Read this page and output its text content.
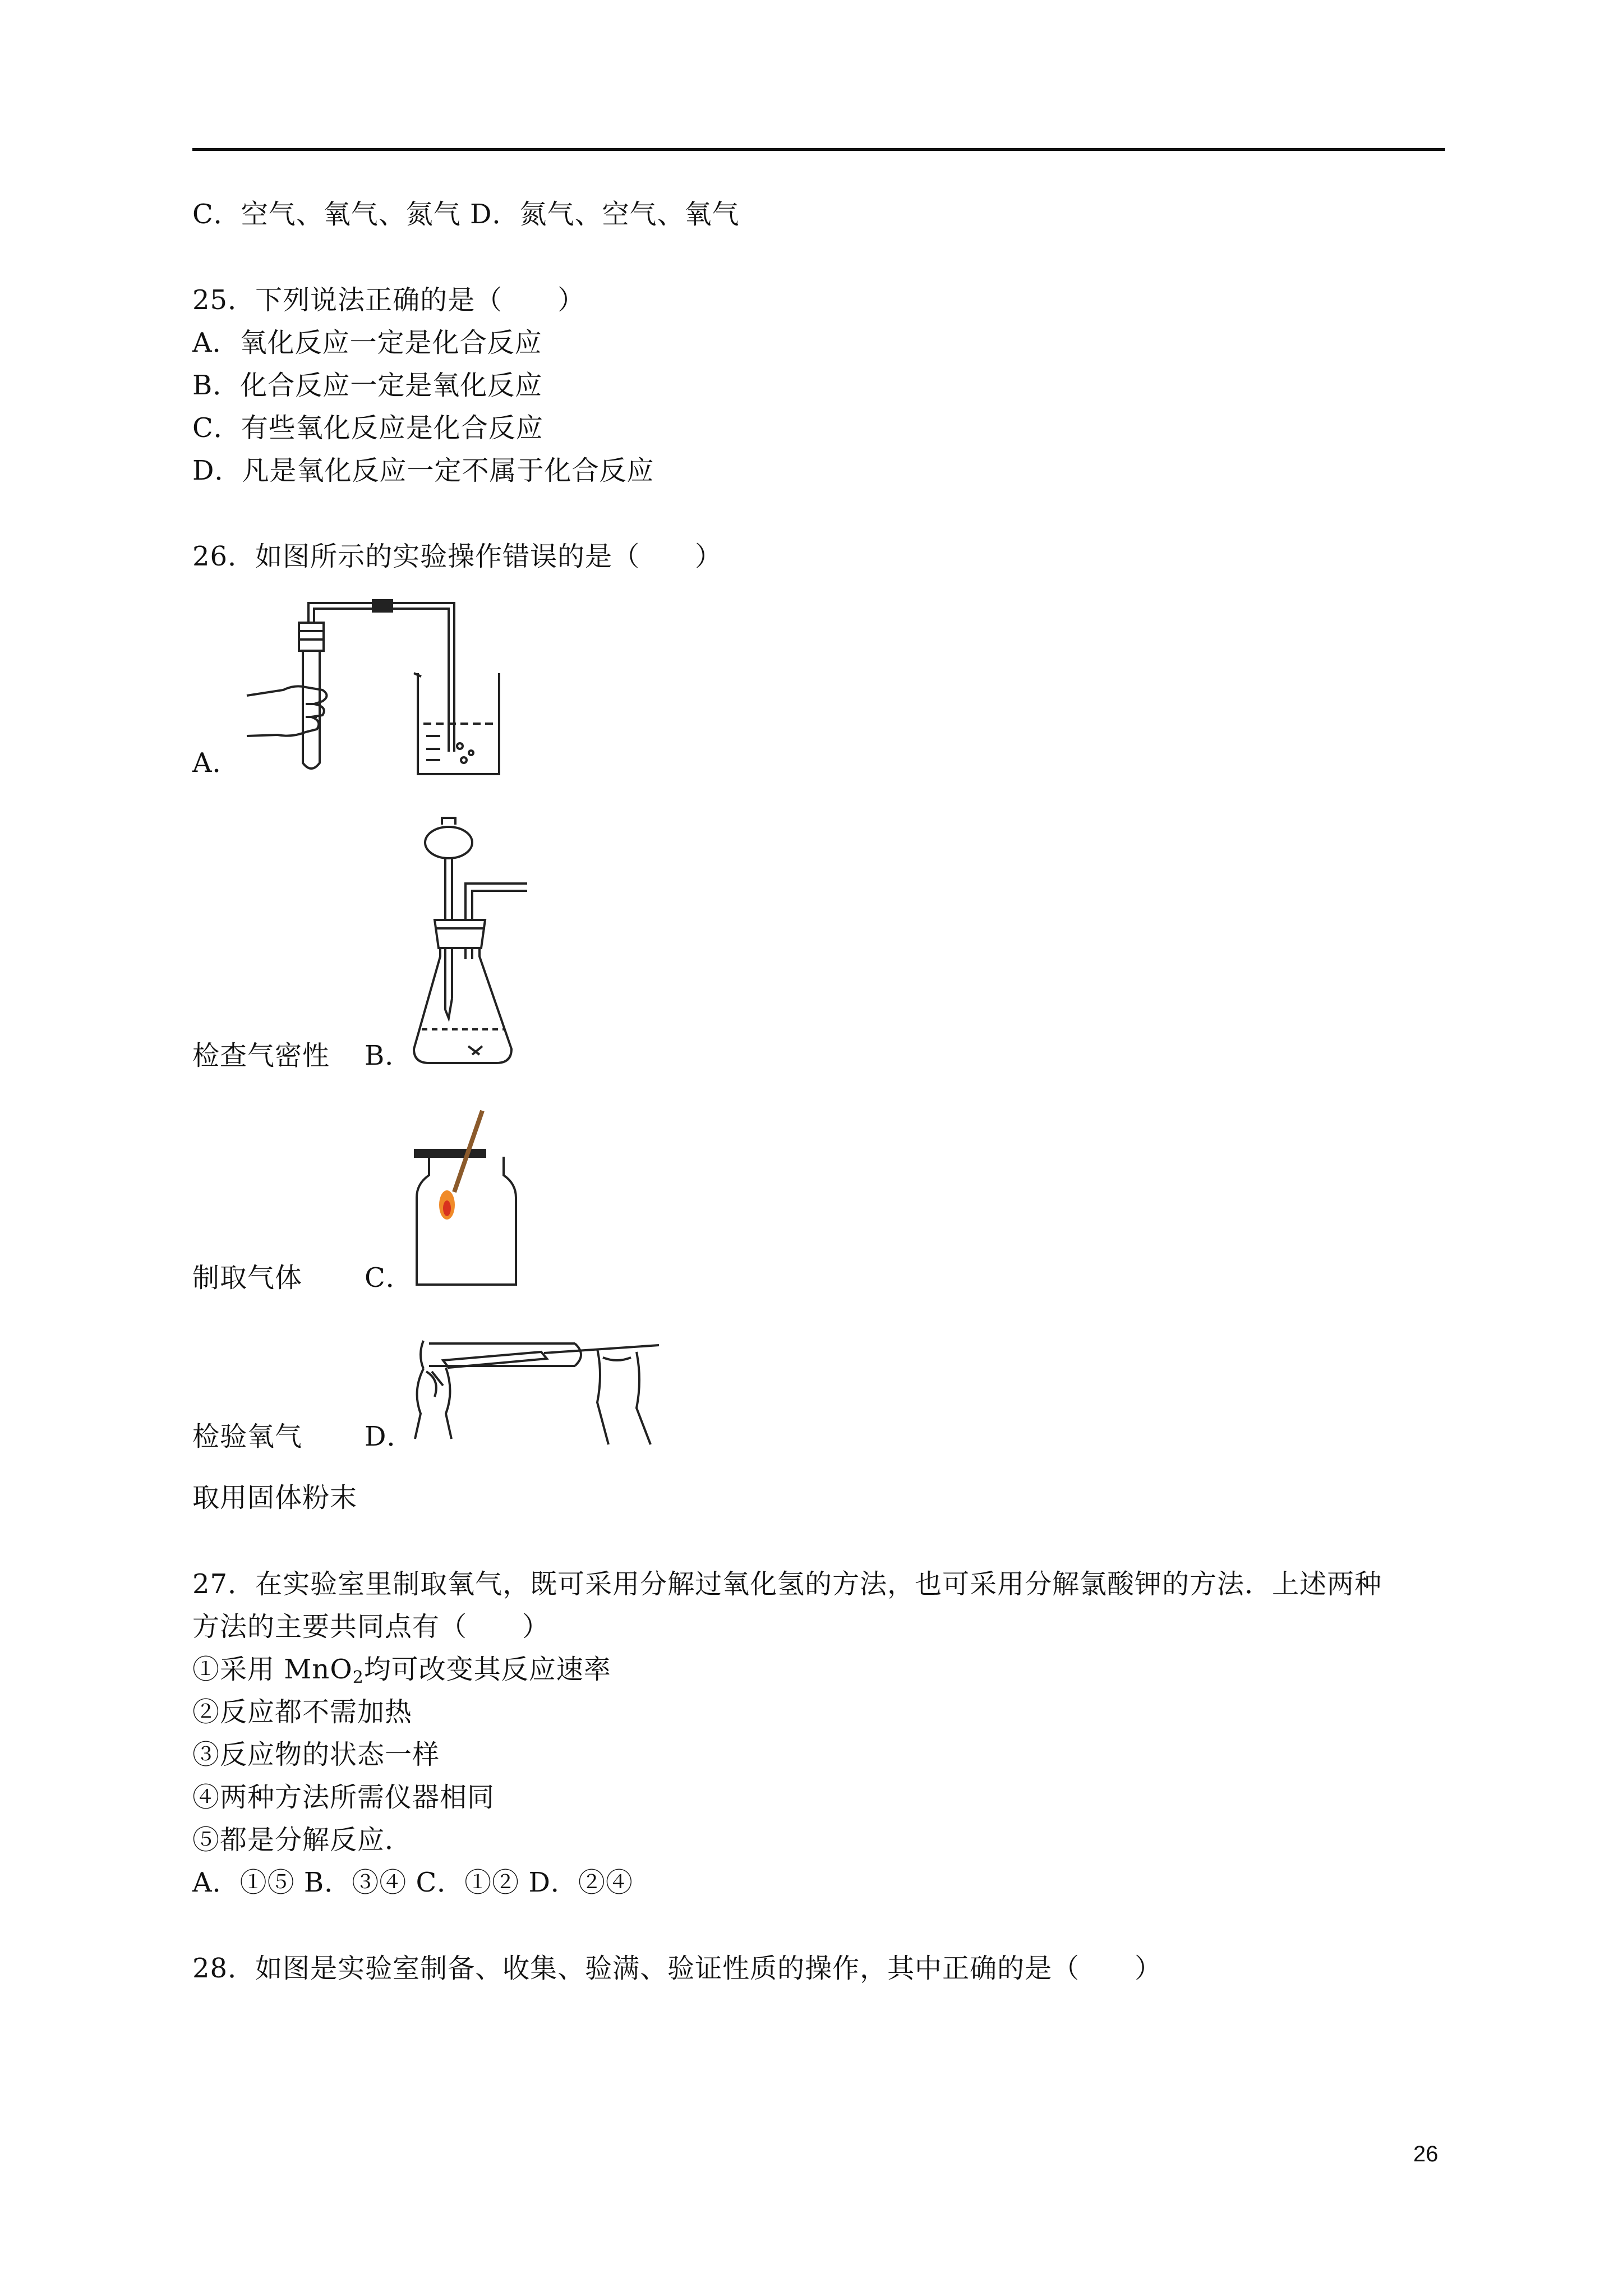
C．空气、氧气、氮气 D．氮气、空气、氧气
25．下列说法正确的是（　　）
A．氧化反应一定是化合反应
B．化合反应一定是氧化反应
C．有些氧化反应是化合反应
D．凡是氧化反应一定不属于化合反应
26．如图所示的实验操作错误的是（　　）
A．
检查气密性 B．
制取气体 C．
检验氧气 D．
取用固体粉末
27．在实验室里制取氧气，既可采用分解过氧化氢的方法，也可采用分解氯酸钾的方法．上述两种
方法的主要共同点有（　　）
①采用 MnO$_2$均可改变其反应速率
②反应都不需加热
③反应物的状态一样
④两种方法所需仪器相同
⑤都是分解反应．
A．①⑤ B．③④ C．①② D．②④
28．如图是实验室制备、收集、验满、验证性质的操作，其中正确的是（　　）
26
